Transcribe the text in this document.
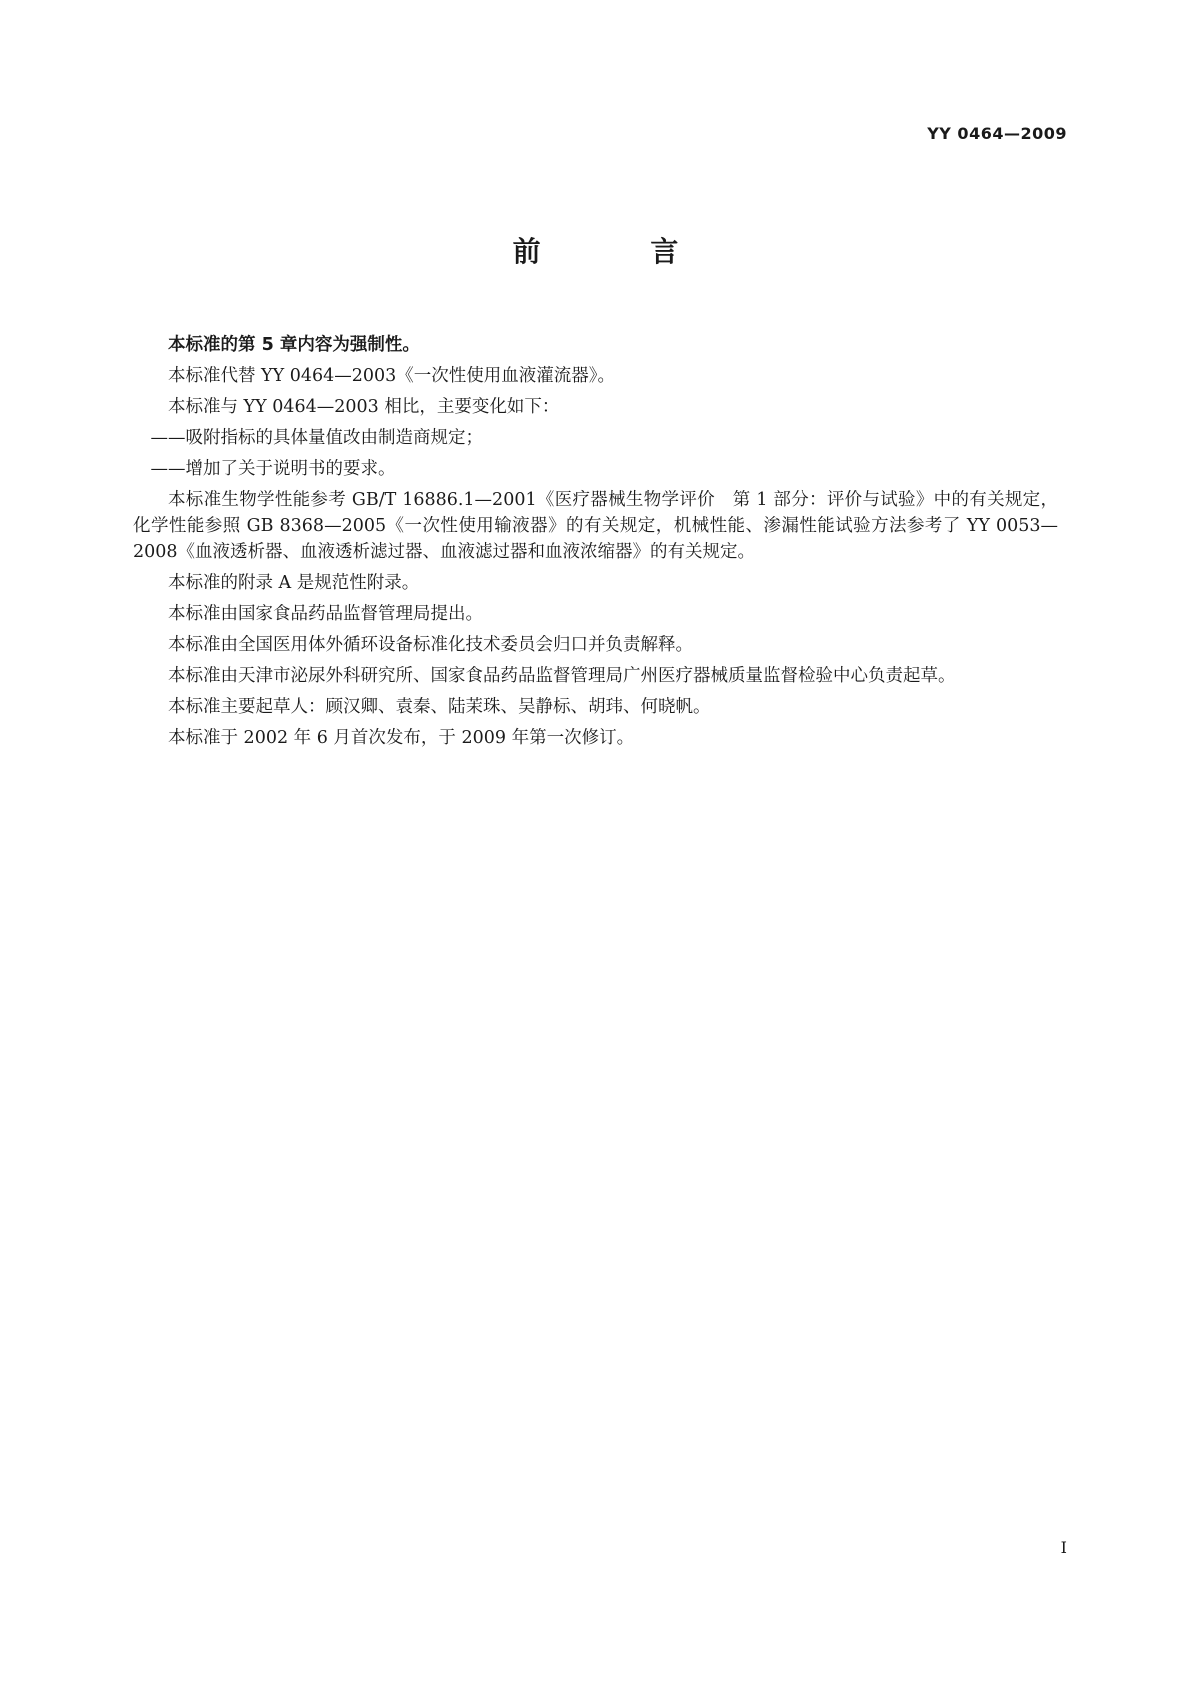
YY 0464—2009
前 言

本标准的第 5 章内容为强制性。

本标准代替 YY 0464—2003《一次性使用血液灌流器》。

本标准与 YY 0464—2003 相比，主要变化如下：

——吸附指标的具体量值改由制造商规定；

——增加了关于说明书的要求。

本标准生物学性能参考 GB/T 16886.1—2001《医疗器械生物学评价　第 1 部分：评价与试验》中的有关规定，化学性能参照 GB 8368—2005《一次性使用输液器》的有关规定，机械性能、渗漏性能试验方法参考了 YY 0053—2008《血液透析器、血液透析滤过器、血液滤过器和血液浓缩器》的有关规定。

本标准的附录 A 是规范性附录。

本标准由国家食品药品监督管理局提出。

本标准由全国医用体外循环设备标准化技术委员会归口并负责解释。

本标准由天津市泌尿外科研究所、国家食品药品监督管理局广州医疗器械质量监督检验中心负责起草。

本标准主要起草人：顾汉卿、袁秦、陆茉珠、吴静标、胡玮、何晓帆。

本标准于 2002 年 6 月首次发布，于 2009 年第一次修订。

I
